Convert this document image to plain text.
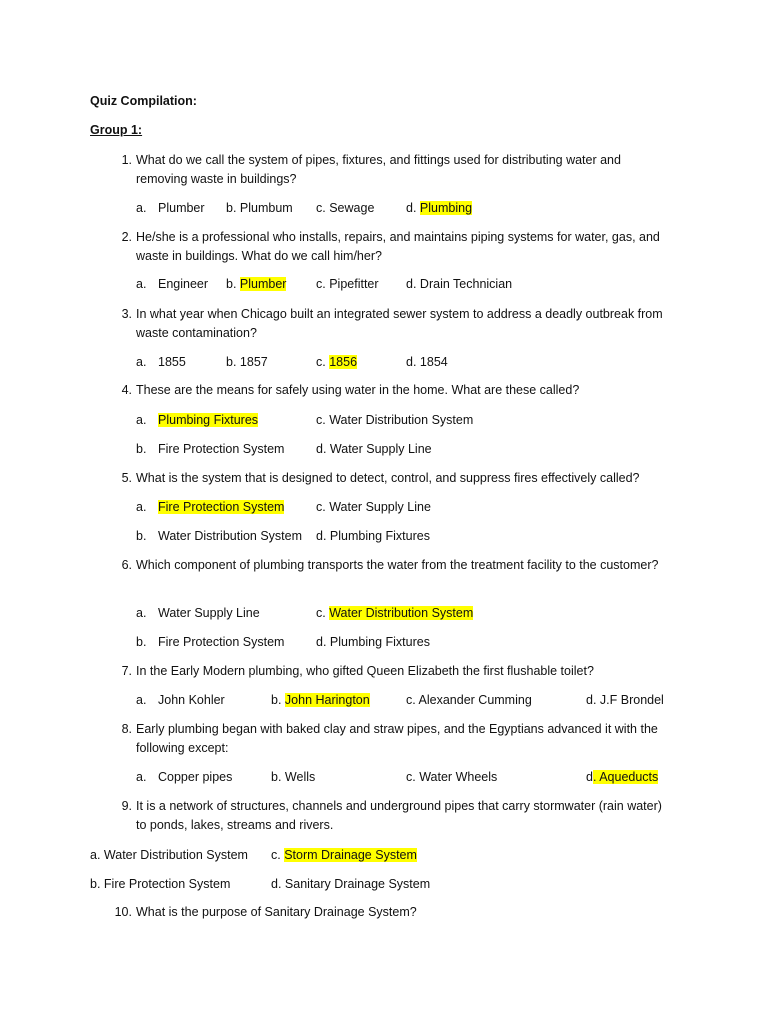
Quiz Compilation:
Group 1:
1. What do we call the system of pipes, fixtures, and fittings used for distributing water and removing waste in buildings?
a. Plumber b. Plumbum c. Sewage	d. Plumbing
2. He/she is a professional who installs, repairs, and maintains piping systems for water, gas, and waste in buildings. What do we call him/her?
a. Engineer b. Plumber c. Pipefitter d. Drain Technician
3. In what year when Chicago built an integrated sewer system to address a deadly outbreak from waste contamination?
a. 1855	b. 1857	c. 1856	d. 1854
4. These are the means for safely using water in the home. What are these called?
a. Plumbing Fixtures	c. Water Distribution System
b. Fire Protection System	d. Water Supply Line
5. What is the system that is designed to detect, control, and suppress fires effectively called?
a. Fire Protection System	c. Water Supply Line
b. Water Distribution System d. Plumbing Fixtures
6. Which component of plumbing transports the water from the treatment facility to the customer?
a. Water Supply Line	c. Water Distribution System
b. Fire Protection System	d. Plumbing Fixtures
7. In the Early Modern plumbing, who gifted Queen Elizabeth the first flushable toilet?
a. John Kohler	b. John Harington	c. Alexander Cumming	d. J.F Brondel
8. Early plumbing began with baked clay and straw pipes, and the Egyptians advanced it with the following except:
a. Copper pipes	b. Wells	c. Water Wheels	d. Aqueducts
9. It is a network of structures, channels and underground pipes that carry stormwater (rain water) to ponds, lakes, streams and rivers.
a. Water Distribution System c. Storm Drainage System
b. Fire Protection System	d. Sanitary Drainage System
10. What is the purpose of Sanitary Drainage System?
